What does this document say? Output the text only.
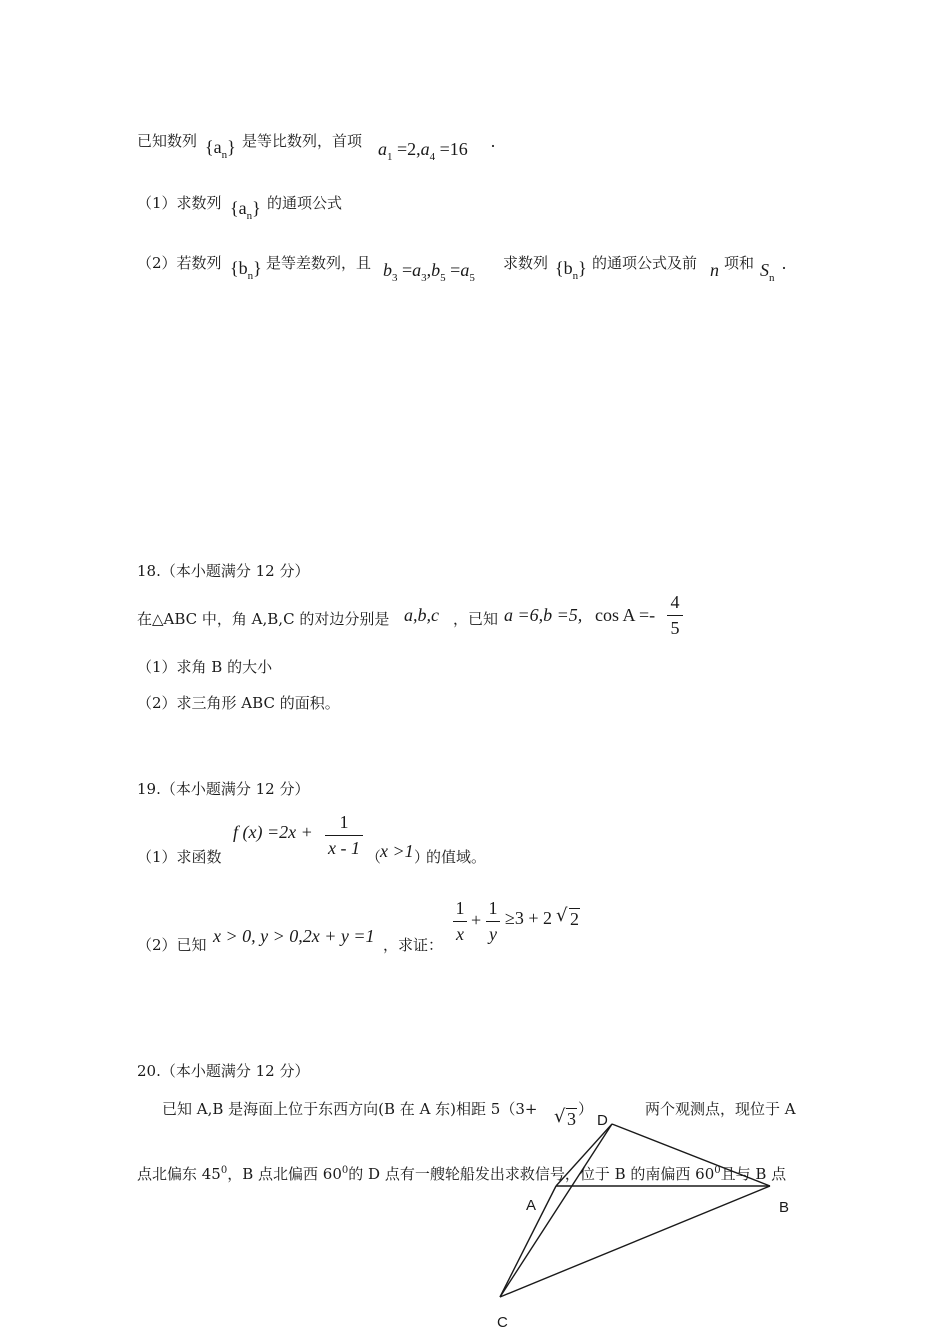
已知数列 $\{a_n\}$ 是等比数列，首项 $a_1 =2,a_4 =16$ ·
（1）求数列 $\{a_n\}$ 的通项公式
（2）若数列 $\{b_n\}$ 是等差数列，且 $b_3 =a_3,b_5 =a_5$
求数列 $\{b_n\}$ 的通项公式及前 n 项和 $S_n$ ·
18.（本小题满分 12 分）
在△ABC 中，角 A,B,C 的对边分别是 a,b,c ，已知 a =6,b =5, cos A =-
4
5
（1）求角 B 的大小
（2）求三角形 ABC 的面积。
19.（本小题满分 12 分）
（1）求函数
f (x) =2x +	1
x - 1 （
x >1 ）
的值域。
（2）已知 x > 0, y > 0,2x + y =1 ，求证：
1
x
+
1
y
≥3 + 2 √ 2
20.（本小题满分 12 分）
已知 A,B 是海面上位于东西方向(B 在 A 东)相距 5（3+ √ 3 ）	两个观测点，现位于 A
点北偏东 $45^0$，B 点北偏西 $60^0$的 D 点有一艘轮船发出求救信号，位于 B 的南偏西 $60^0$且与 B 点
D
A	B
C
